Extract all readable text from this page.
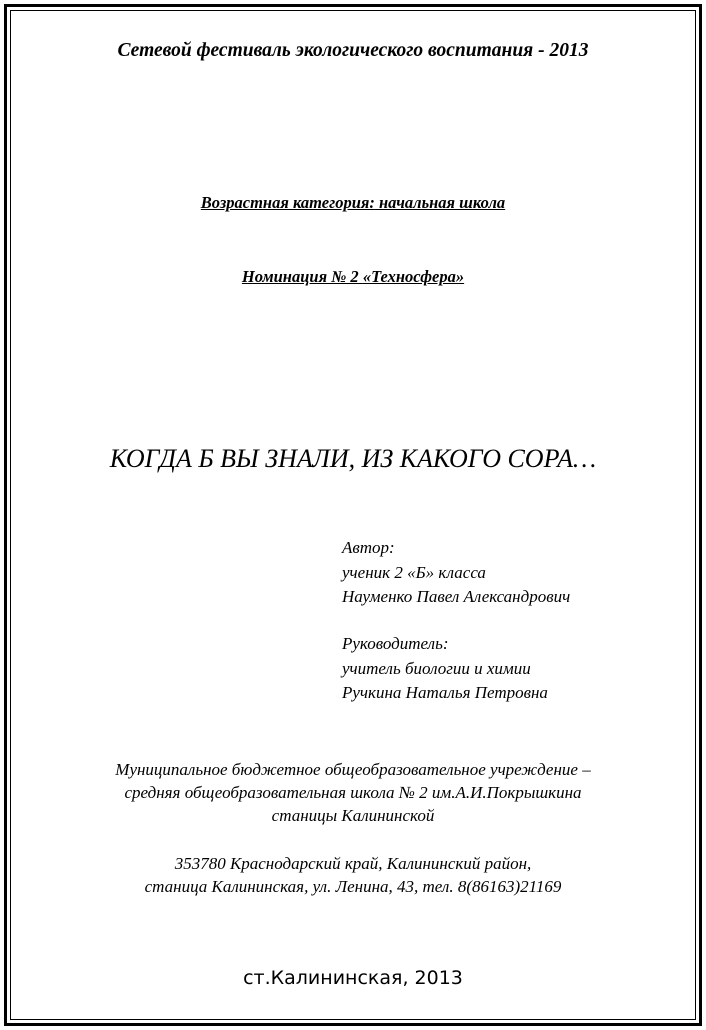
Сетевой фестиваль экологического воспитания - 2013
Возрастная категория: начальная школа
Номинация № 2 «Техносфера»
КОГДА Б ВЫ ЗНАЛИ, ИЗ КАКОГО СОРА…
Автор:
ученик 2 «Б» класса
Науменко Павел Александрович
Руководитель:
учитель биологии и химии
Ручкина Наталья Петровна
Муниципальное бюджетное общеобразовательное учреждение –
средняя общеобразовательная школа № 2 им.А.И.Покрышкина
станицы Калининской
353780 Краснодарский край, Калининский район,
станица Калининская, ул. Ленина, 43, тел. 8(86163)21169
ст.Калининская, 2013
